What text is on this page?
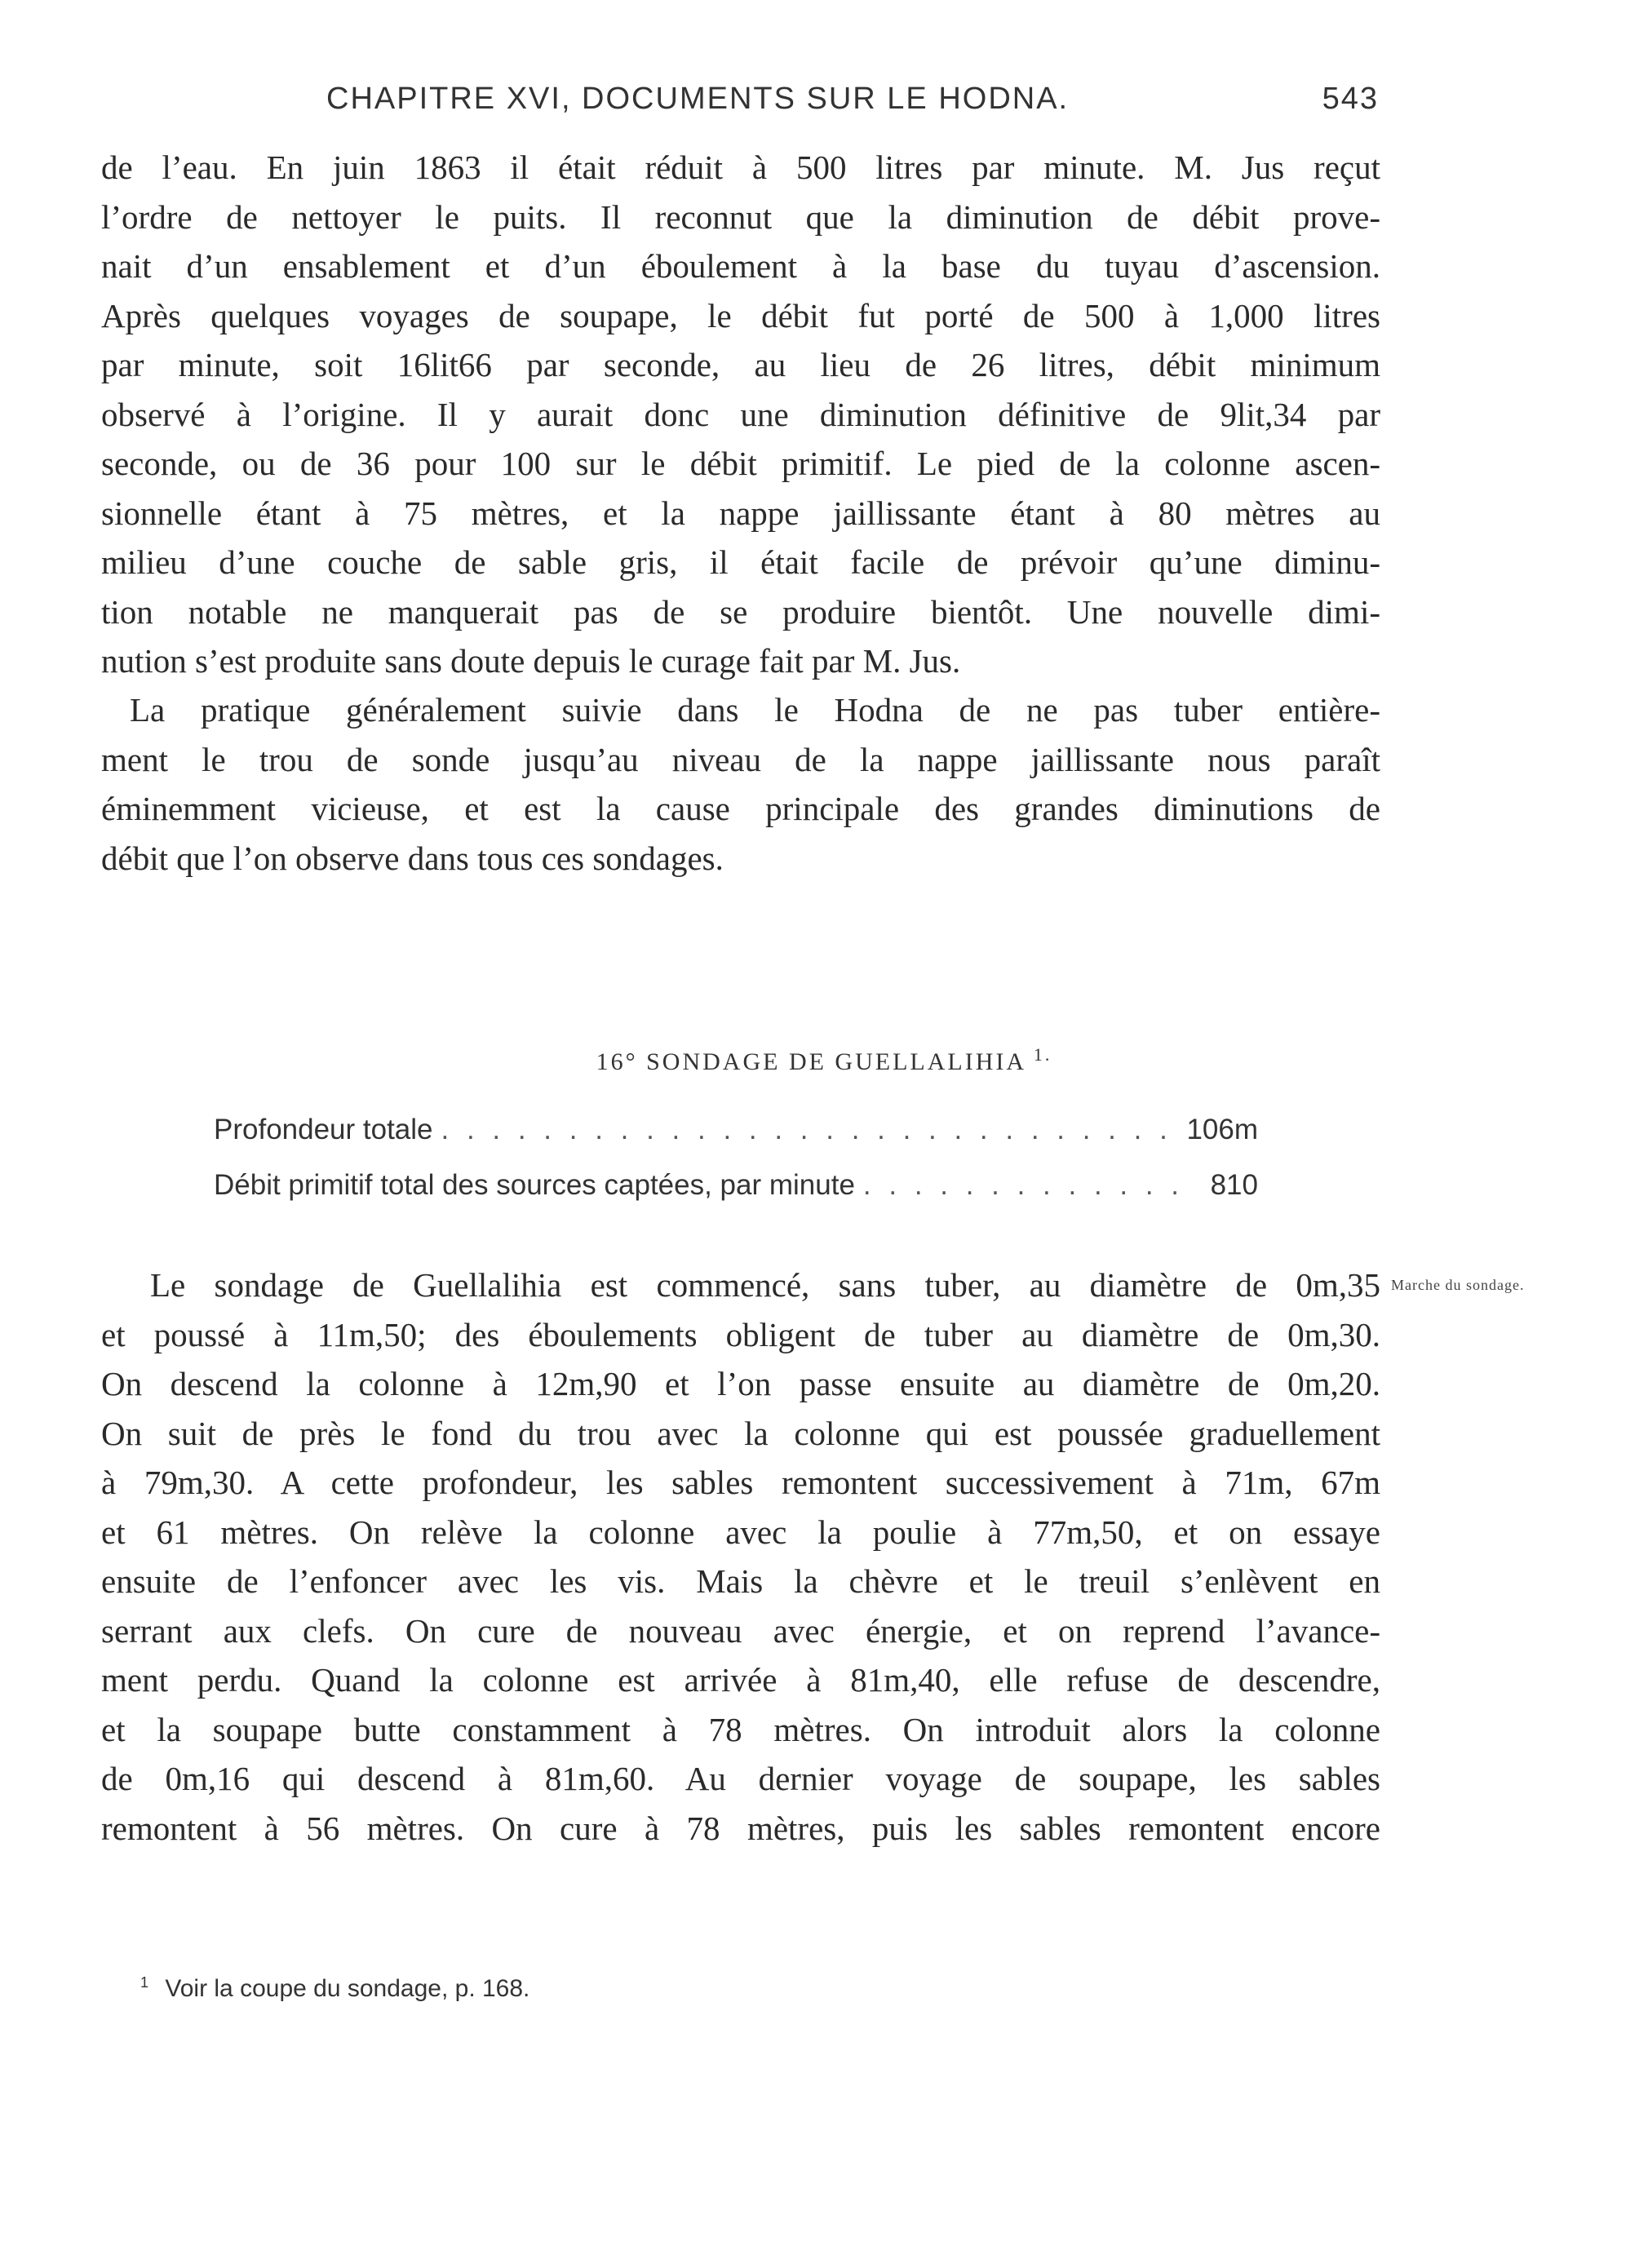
CHAPITRE XVI, DOCUMENTS SUR LE HODNA.	543
de l’eau. En juin 1863 il était réduit à 500 litres par minute. M. Jus reçut
l’ordre de nettoyer le puits. Il reconnut que la diminution de débit prove-
nait d’un ensablement et d’un éboulement à la base du tuyau d’ascension.
Après quelques voyages de soupape, le débit fut porté de 500 à 1,000 litres
par minute, soit 16lit66 par seconde, au lieu de 26 litres, débit minimum
observé à l’origine. Il y aurait donc une diminution définitive de 9lit,34 par
seconde, ou de 36 pour 100 sur le débit primitif. Le pied de la colonne ascen-
sionnelle étant à 75 mètres, et la nappe jaillissante étant à 80 mètres au
milieu d’une couche de sable gris, il était facile de prévoir qu’une diminu-
tion notable ne manquerait pas de se produire bientôt. Une nouvelle dimi-
nution s’est produite sans doute depuis le curage fait par M. Jus.
La pratique généralement suivie dans le Hodna de ne pas tuber entière-
ment le trou de sonde jusqu’au niveau de la nappe jaillissante nous paraît
éminemment vicieuse, et est la cause principale des grandes diminutions de
débit que l’on observe dans tous ces sondages.
16° SONDAGE DE GUELLALIHIA $^{1.}$
Profondeur totale . . .	106m
Débit primitif total des sources captées, par minute . . .	810
Marche du sondage.
Le sondage de Guellalihia est commencé, sans tuber, au diamètre de 0m,35
et poussé à 11m,50; des éboulements obligent de tuber au diamètre de 0m,30.
On descend la colonne à 12m,90 et l’on passe ensuite au diamètre de 0m,20.
On suit de près le fond du trou avec la colonne qui est poussée graduellement
à 79m,30. A cette profondeur, les sables remontent successivement à 71m, 67m
et 61 mètres. On relève la colonne avec la poulie à 77m,50, et on essaye
ensuite de l’enfoncer avec les vis. Mais la chèvre et le treuil s’enlèvent en
serrant aux clefs. On cure de nouveau avec énergie, et on reprend l’avance-
ment perdu. Quand la colonne est arrivée à 81m,40, elle refuse de descendre,
et la soupape butte constamment à 78 mètres. On introduit alors la colonne
de 0m,16 qui descend à 81m,60. Au dernier voyage de soupape, les sables
remontent à 56 mètres. On cure à 78 mètres, puis les sables remontent encore
$^1$ Voir la coupe du sondage, p. 168.
